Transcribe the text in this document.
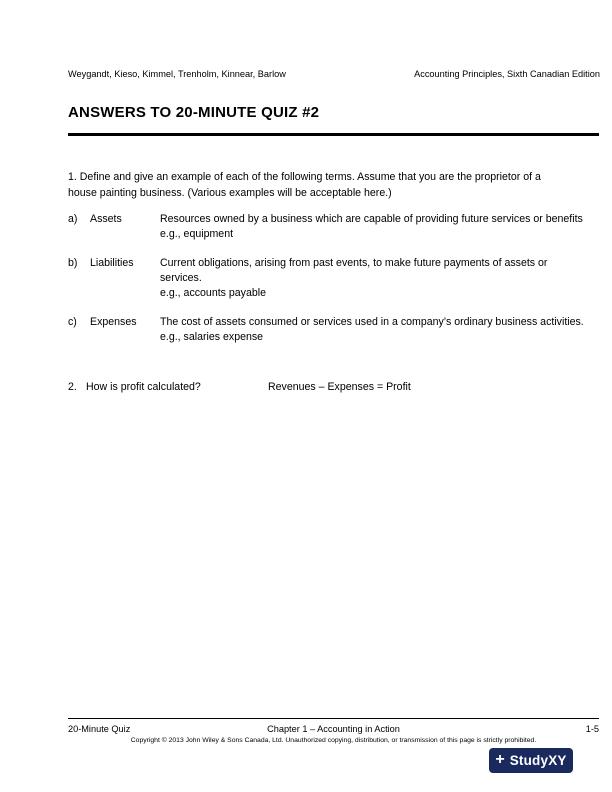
Weygandt, Kieso, Kimmel, Trenholm, Kinnear, Barlow	Accounting Principles, Sixth Canadian Edition
ANSWERS TO 20-MINUTE QUIZ #2
1. Define and give an example of each of the following terms. Assume that you are the proprietor of a house painting business. (Various examples will be acceptable here.)
a)	Assets	Resources owned by a business which are capable of providing future services or benefits
e.g., equipment
b)	Liabilities	Current obligations, arising from past events, to make future payments of assets or services.
e.g., accounts payable
c)	Expenses	The cost of assets consumed or services used in a company’s ordinary business activities.
e.g., salaries expense
2. How is profit calculated?	Revenues – Expenses = Profit
20-Minute Quiz	Chapter 1 – Accounting in Action	1-5
Copyright © 2013 John Wiley & Sons Canada, Ltd. Unauthorized copying, distribution, or transmission of this page is strictly prohibited.
+ StudyXY
